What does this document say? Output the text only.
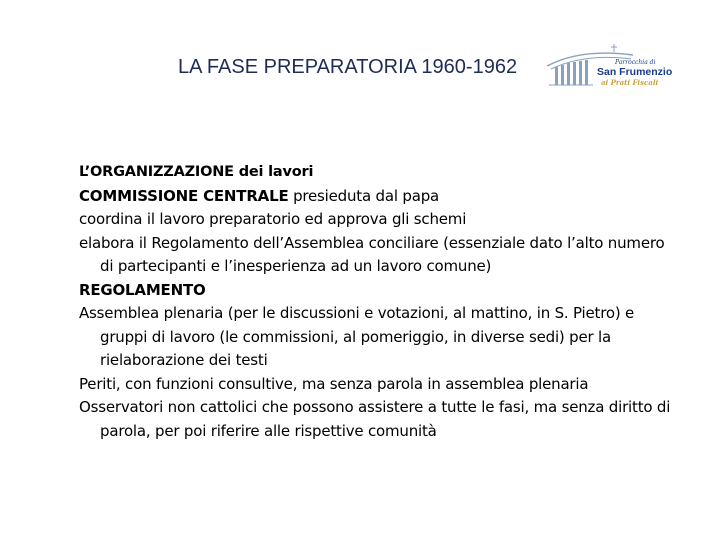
LA FASE PREPARATORIA 1960-1962	Parrocchia di
San Frumenzio
ai Prati Fiscali

L’ORGANIZZAZIONE dei lavori

COMMISSIONE CENTRALE presieduta dal papa

coordina il lavoro preparatorio ed approva gli schemi

elabora il Regolamento dell’Assemblea conciliare (essenziale dato l’alto numero di partecipanti e l’inesperienza ad un lavoro comune)

REGOLAMENTO

Assemblea plenaria (per le discussioni e votazioni, al mattino, in S. Pietro) e gruppi di lavoro (le commissioni, al pomeriggio, in diverse sedi) per la rielaborazione dei testi

Periti, con funzioni consultive, ma senza parola in assemblea plenaria

Osservatori non cattolici che possono assistere a tutte le fasi, ma senza diritto di parola, per poi riferire alle rispettive comunità
